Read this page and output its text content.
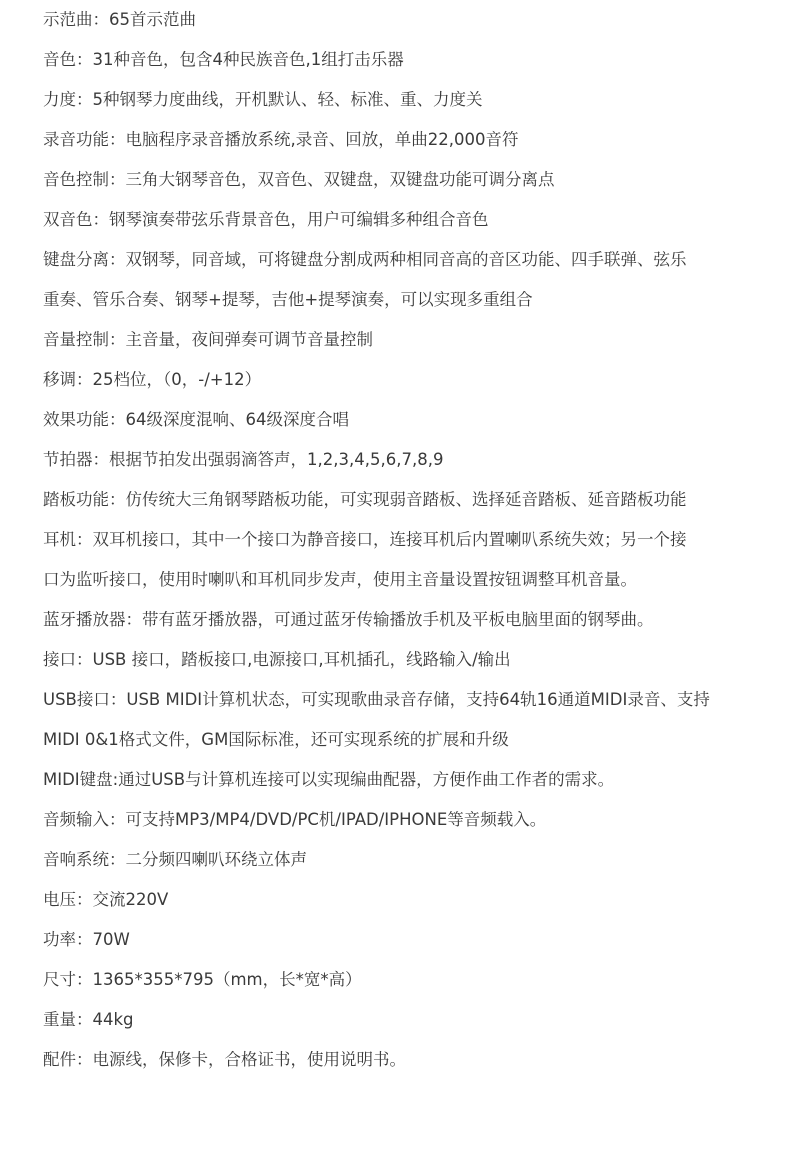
示范曲：65首示范曲
音色：31种音色，包含4种民族音色,1组打击乐器
力度：5种钢琴力度曲线，开机默认、轻、标准、重、力度关
录音功能：电脑程序录音播放系统,录音、回放，单曲22,000音符
音色控制：三角大钢琴音色，双音色、双键盘，双键盘功能可调分离点
双音色：钢琴演奏带弦乐背景音色，用户可编辑多种组合音色
键盘分离：双钢琴，同音域，可将键盘分割成两种相同音高的音区功能、四手联弹、弦乐
重奏、管乐合奏、钢琴+提琴，吉他+提琴演奏，可以实现多重组合
音量控制：主音量，夜间弹奏可调节音量控制
移调：25档位，（0，-/+12）
效果功能：64级深度混响、64级深度合唱
节拍器：根据节拍发出强弱滴答声，1,2,3,4,5,6,7,8,9
踏板功能：仿传统大三角钢琴踏板功能，可实现弱音踏板、选择延音踏板、延音踏板功能
耳机：双耳机接口，其中一个接口为静音接口，连接耳机后内置喇叭系统失效；另一个接
口为监听接口，使用时喇叭和耳机同步发声，使用主音量设置按钮调整耳机音量。
蓝牙播放器：带有蓝牙播放器，可通过蓝牙传输播放手机及平板电脑里面的钢琴曲。
接口：USB 接口，踏板接口,电源接口,耳机插孔，线路输入/输出
USB接口：USB MIDI计算机状态，可实现歌曲录音存储，支持64轨16通道MIDI录音、支持
MIDI 0&1格式文件，GM国际标准，还可实现系统的扩展和升级
MIDI键盘:通过USB与计算机连接可以实现编曲配器，方便作曲工作者的需求。
音频输入：可支持MP3/MP4/DVD/PC机/IPAD/IPHONE等音频载入。
音响系统：二分频四喇叭环绕立体声
电压：交流220V
功率：70W
尺寸：1365*355*795（mm，长*宽*高）
重量：44kg
配件：电源线，保修卡，合格证书，使用说明书。
